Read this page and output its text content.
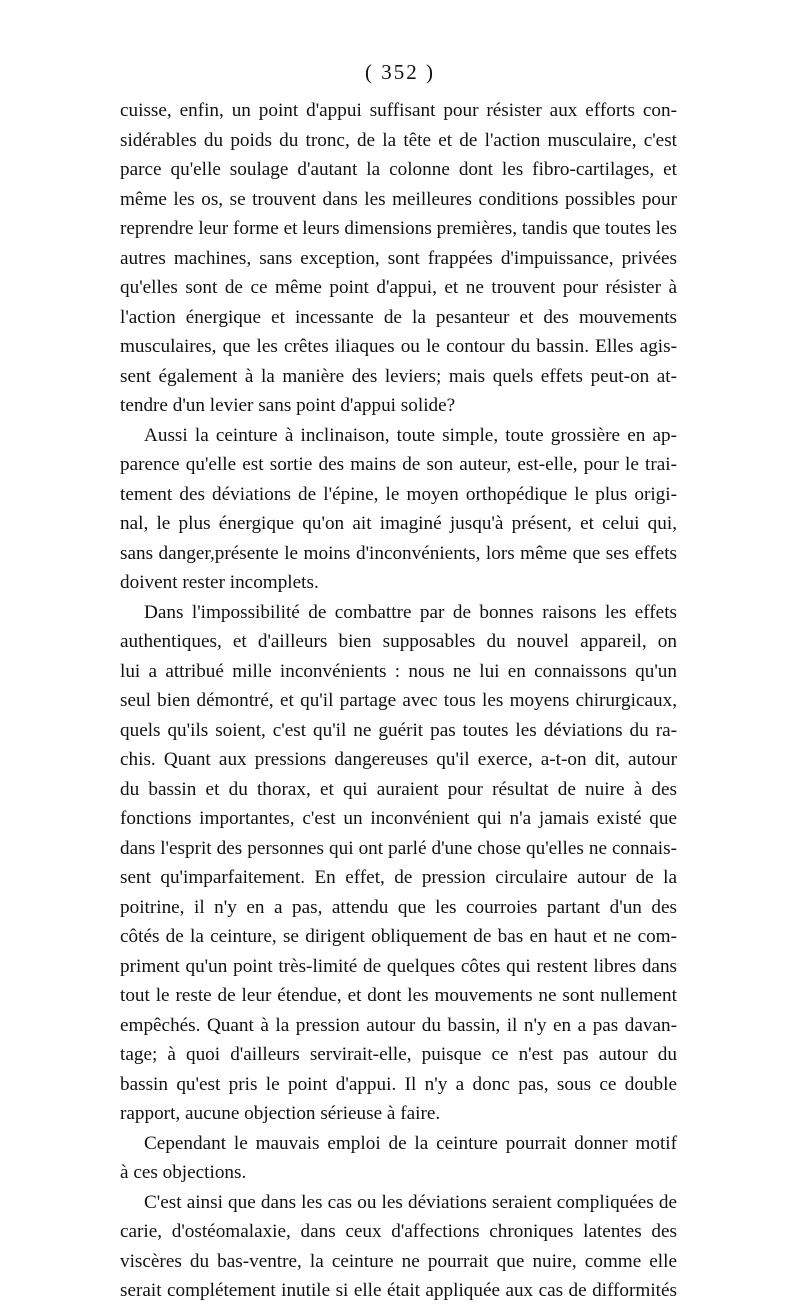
( 352 )
cuisse, enfin, un point d'appui suffisant pour résister aux efforts con-
sidérables du poids du tronc, de la tête et de l'action musculaire, c'est
parce qu'elle soulage d'autant la colonne dont les fibro-cartilages, et
même les os, se trouvent dans les meilleures conditions possibles pour
reprendre leur forme et leurs dimensions premières, tandis que toutes les
autres machines, sans exception, sont frappées d'impuissance, privées
qu'elles sont de ce même point d'appui, et ne trouvent pour résister à
l'action énergique et incessante de la pesanteur et des mouvements
musculaires, que les crêtes iliaques ou le contour du bassin. Elles agis-
sent également à la manière des leviers; mais quels effets peut-on at-
tendre d'un levier sans point d'appui solide?
Aussi la ceinture à inclinaison, toute simple, toute grossière en ap-
parence qu'elle est sortie des mains de son auteur, est-elle, pour le trai-
tement des déviations de l'épine, le moyen orthopédique le plus origi-
nal, le plus énergique qu'on ait imaginé jusqu'à présent, et celui qui,
sans danger,présente le moins d'inconvénients, lors même que ses effets
doivent rester incomplets.
Dans l'impossibilité de combattre par de bonnes raisons les effets
authentiques, et d'ailleurs bien supposables du nouvel appareil, on
lui a attribué mille inconvénients : nous ne lui en connaissons qu'un
seul bien démontré, et qu'il partage avec tous les moyens chirurgicaux,
quels qu'ils soient, c'est qu'il ne guérit pas toutes les déviations du ra-
chis. Quant aux pressions dangereuses qu'il exerce, a-t-on dit, autour
du bassin et du thorax, et qui auraient pour résultat de nuire à des
fonctions importantes, c'est un inconvénient qui n'a jamais existé que
dans l'esprit des personnes qui ont parlé d'une chose qu'elles ne connais-
sent qu'imparfaitement. En effet, de pression circulaire autour de la
poitrine, il n'y en a pas, attendu que les courroies partant d'un des
côtés de la ceinture, se dirigent obliquement de bas en haut et ne com-
priment qu'un point très-limité de quelques côtes qui restent libres dans
tout le reste de leur étendue, et dont les mouvements ne sont nullement
empêchés. Quant à la pression autour du bassin, il n'y en a pas davan-
tage; à quoi d'ailleurs servirait-elle, puisque ce n'est pas autour du
bassin qu'est pris le point d'appui. Il n'y a donc pas, sous ce double
rapport, aucune objection sérieuse à faire.
Cependant le mauvais emploi de la ceinture pourrait donner motif
à ces objections.
C'est ainsi que dans les cas ou les déviations seraient compliquées de
carie, d'ostéomalaxie, dans ceux d'affections chroniques latentes des
viscères du bas-ventre, la ceinture ne pourrait que nuire, comme elle
serait complétement inutile si elle était appliquée aux cas de difformités
